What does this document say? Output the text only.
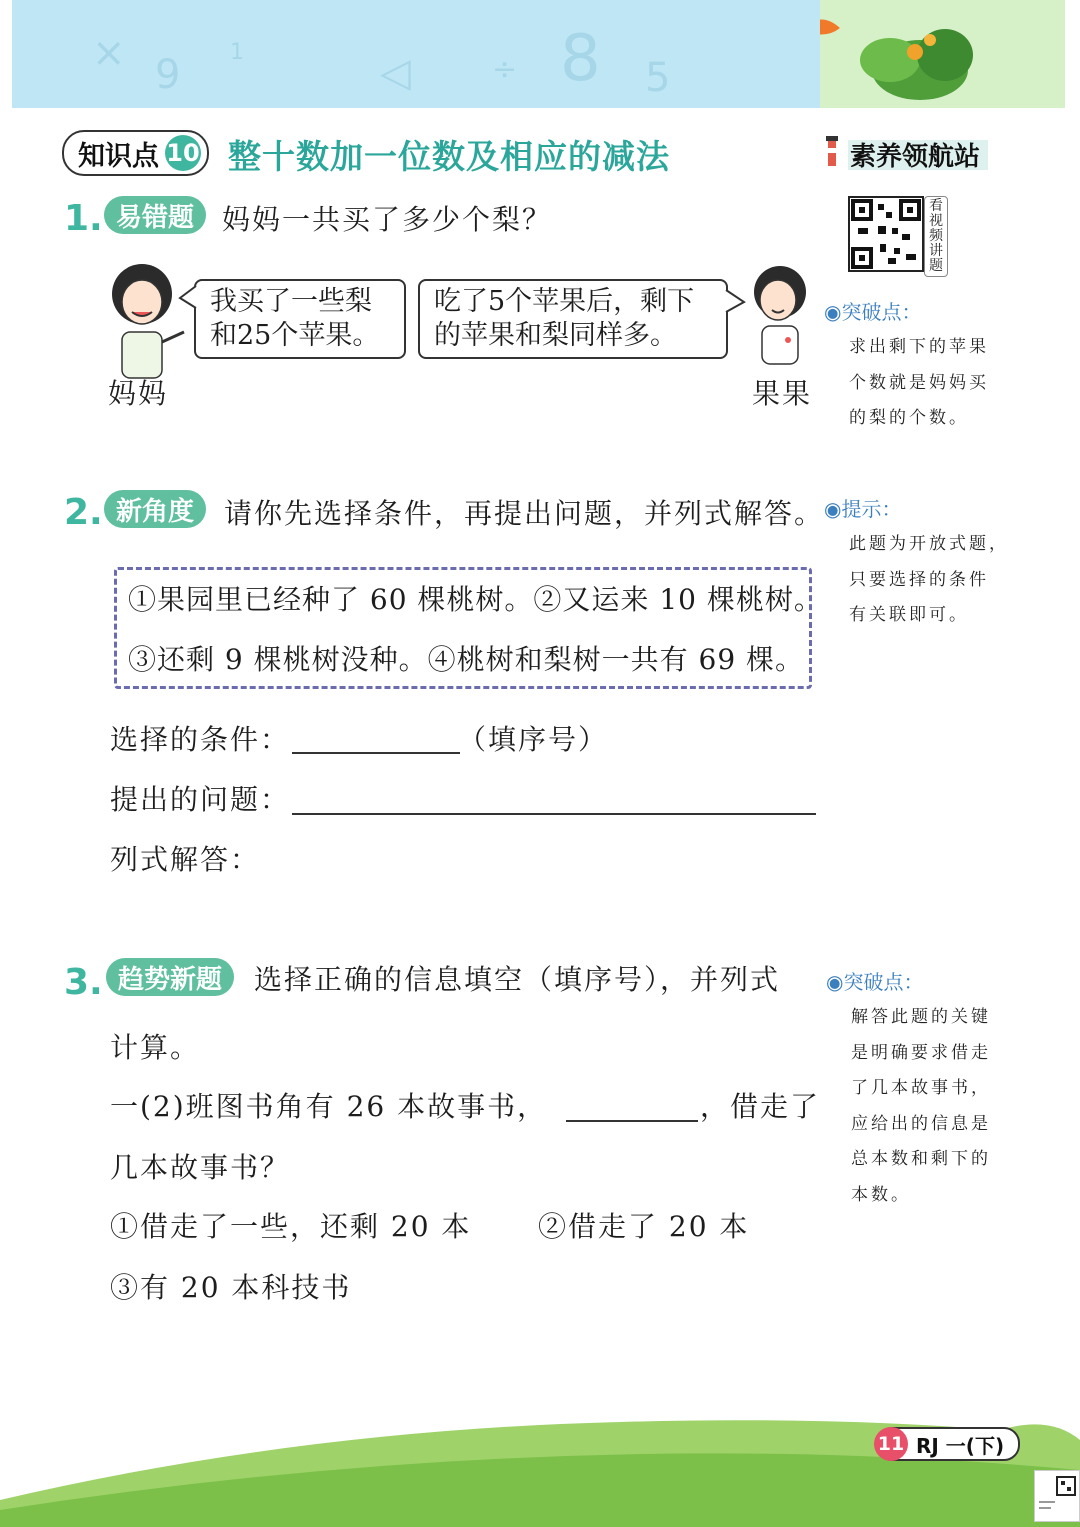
× 9 1	◁	÷ 8 5
知识点 10 整十数加一位数及相应的减法	素养领航站
看视频讲题
◉突破点：
求出剩下的苹果
个数就是妈妈买
的梨的个数。
◉提示：
此题为开放式题，
只要选择的条件
有关联即可。
◉突破点：
解答此题的关键
是明确要求借走
了几本故事书，
应给出的信息是
总本数和剩下的
本数。
1. 易错题 妈妈一共买了多少个梨？
妈妈
我买了一些梨
和25个苹果。
吃了5个苹果后，剩下
的苹果和梨同样多。
果果
2. 新角度	请你先选择条件，再提出问题，并列式解答。
①果园里已经种了 60 棵桃树。②又运来 10 棵桃树。
③还剩 9 棵桃树没种。④桃树和梨树一共有 69 棵。
选择的条件：	（填序号）
提出的问题：
列式解答：
3. 趋势新题	选择正确的信息填空（填序号），并列式
计算。
一(2)班图书角有 26 本故事书，	，借走了
几本故事书？
①借走了一些，还剩 20 本 ②借走了 20 本
③有 20 本科技书
11 RJ 一(下)
